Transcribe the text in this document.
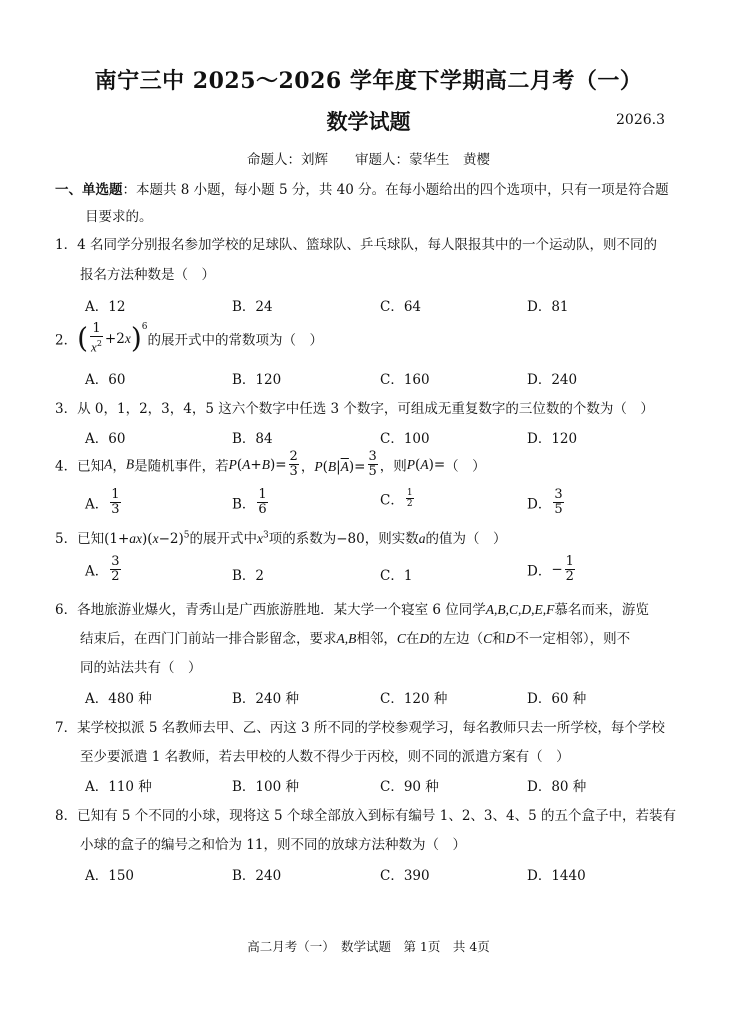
南宁三中 2025～2026 学年度下学期高二月考（一）
数学试题	2026.3
命题人：刘辉　　审题人：蒙华生　黄樱
一、单选题：本题共 8 小题，每小题 5 分，共 40 分。在每小题给出的四个选项中，只有一项是符合题
目要求的。
1．4 名同学分别报名参加学校的足球队、篮球队、乒乓球队，每人限报其中的一个运动队，则不同的
报名方法种数是（　）
A．12	B．24	C．64	D．81
2．( $\frac{1}{x^2} +2x)^6$的展开式中的常数项为（　）
A．60	B．120	C．160	D．240
3．从 0，1，2，3，4，5 这六个数字中任选 3 个数字，可组成无重复数字的三位数的个数为（　）
A．60	B．84	C．100	D．120
4．已知A，B是随机事件，若$P(A+B)= \frac{2}{3}$ ，$P(B|\overline{A})= \frac{3}{5}$ ，则P(A)=（　）
A． $\frac{1}{3}$	B． $\frac{1}{6}$	C． $\frac{1}{2}$	D． $\frac{3}{5}$
5．已知$(1+ax)(x-2)^5$的展开式中$x^3$项的系数为−80，则实数a的值为（　）
A． $\frac{3}{2}$	B．2	C．1	D．− $\frac{1}{2}$
6．各地旅游业爆火，青秀山是广西旅游胜地．某大学一个寝室 6 位同学A,B,C,D,E,F慕名而来，游览
结束后，在西门门前站一排合影留念，要求A,B相邻，C在D的左边（C和D不一定相邻），则不
同的站法共有（　）
A．480 种	B．240 种	C．120 种	D．60 种
7．某学校拟派 5 名教师去甲、乙、丙这 3 所不同的学校参观学习，每名教师只去一所学校，每个学校
至少要派遣 1 名教师，若去甲校的人数不得少于丙校，则不同的派遣方案有（　）
A．110 种	B．100 种	C．90 种	D．80 种
8．已知有 5 个不同的小球，现将这 5 个球全部放入到标有编号 1、2、3、4、5 的五个盒子中，若装有
小球的盒子的编号之和恰为 11，则不同的放球方法种数为（　）
A．150	B．240	C．390	D．1440
高二月考（一）　数学试题　第 1页　共 4页
